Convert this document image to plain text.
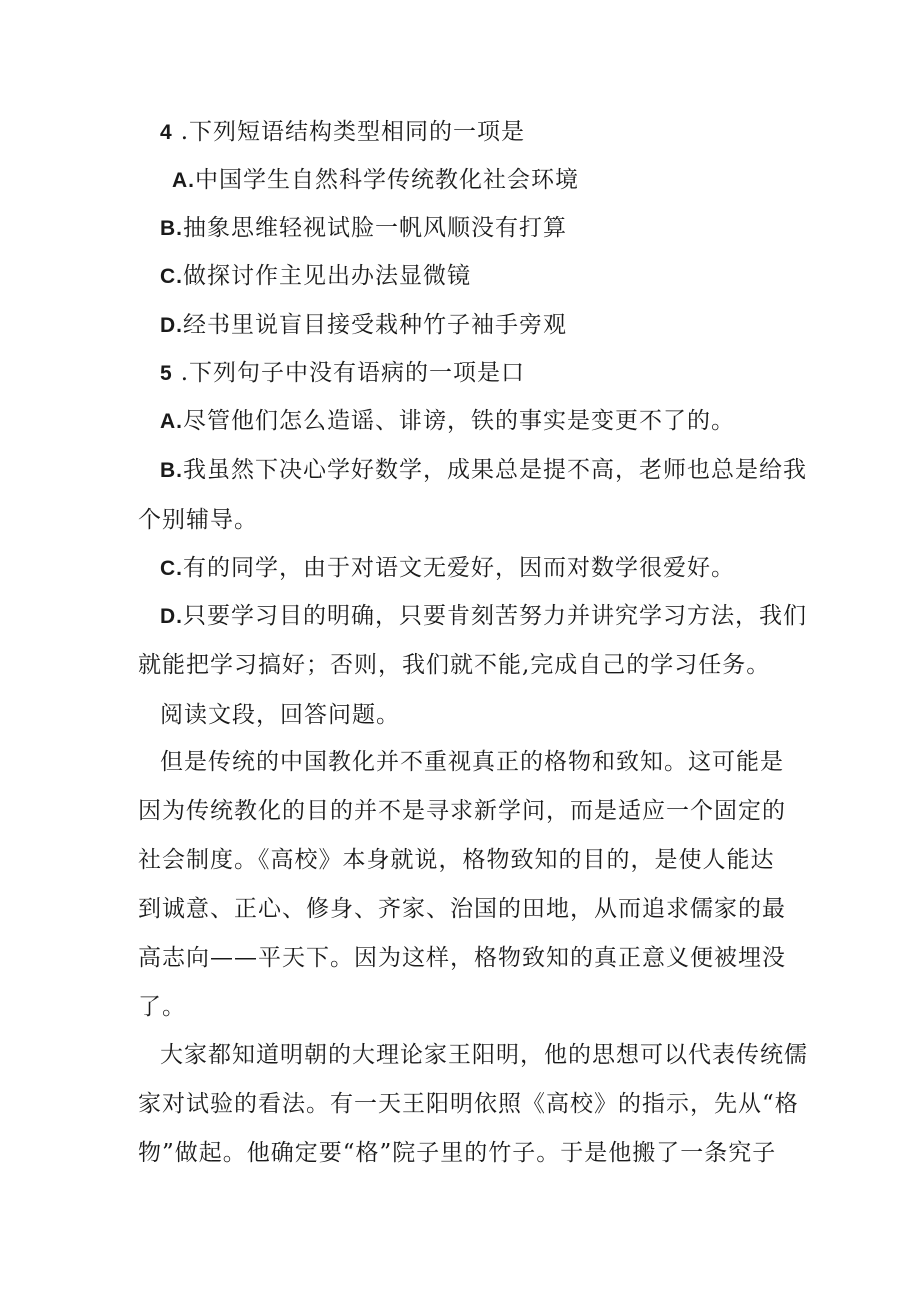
4 .下列短语结构类型相同的一项是
A.中国学生自然科学传统教化社会环境
B.抽象思维轻视试脸一帆风顺没有打算
C.做探讨作主见出办法显微镜
D.经书里说盲目接受栽种竹子袖手旁观
5 .下列句子中没有语病的一项是口
A.尽管他们怎么造谣、诽谤，铁的事实是变更不了的。
B.我虽然下决心学好数学，成果总是提不高，老师也总是给我
个别辅导。
C.有的同学，由于对语文无爱好，因而对数学很爱好。
D.只要学习目的明确，只要肯刻苦努力并讲究学习方法，我们
就能把学习搞好；否则，我们就不能,完成自己的学习任务。
阅读文段，回答问题。
但是传统的中国教化并不重视真正的格物和致知。这可能是
因为传统教化的目的并不是寻求新学问，而是适应一个固定的
社会制度。《高校》本身就说，格物致知的目的，是使人能达
到诚意、正心、修身、齐家、治国的田地，从而追求儒家的最
高志向——平天下。因为这样，格物致知的真正意义便被埋没
了。
大家都知道明朝的大理论家王阳明，他的思想可以代表传统儒
家对试验的看法。有一天王阳明依照《高校》的指示，先从“格
物”做起。他确定要“格”院子里的竹子。于是他搬了一条究子
